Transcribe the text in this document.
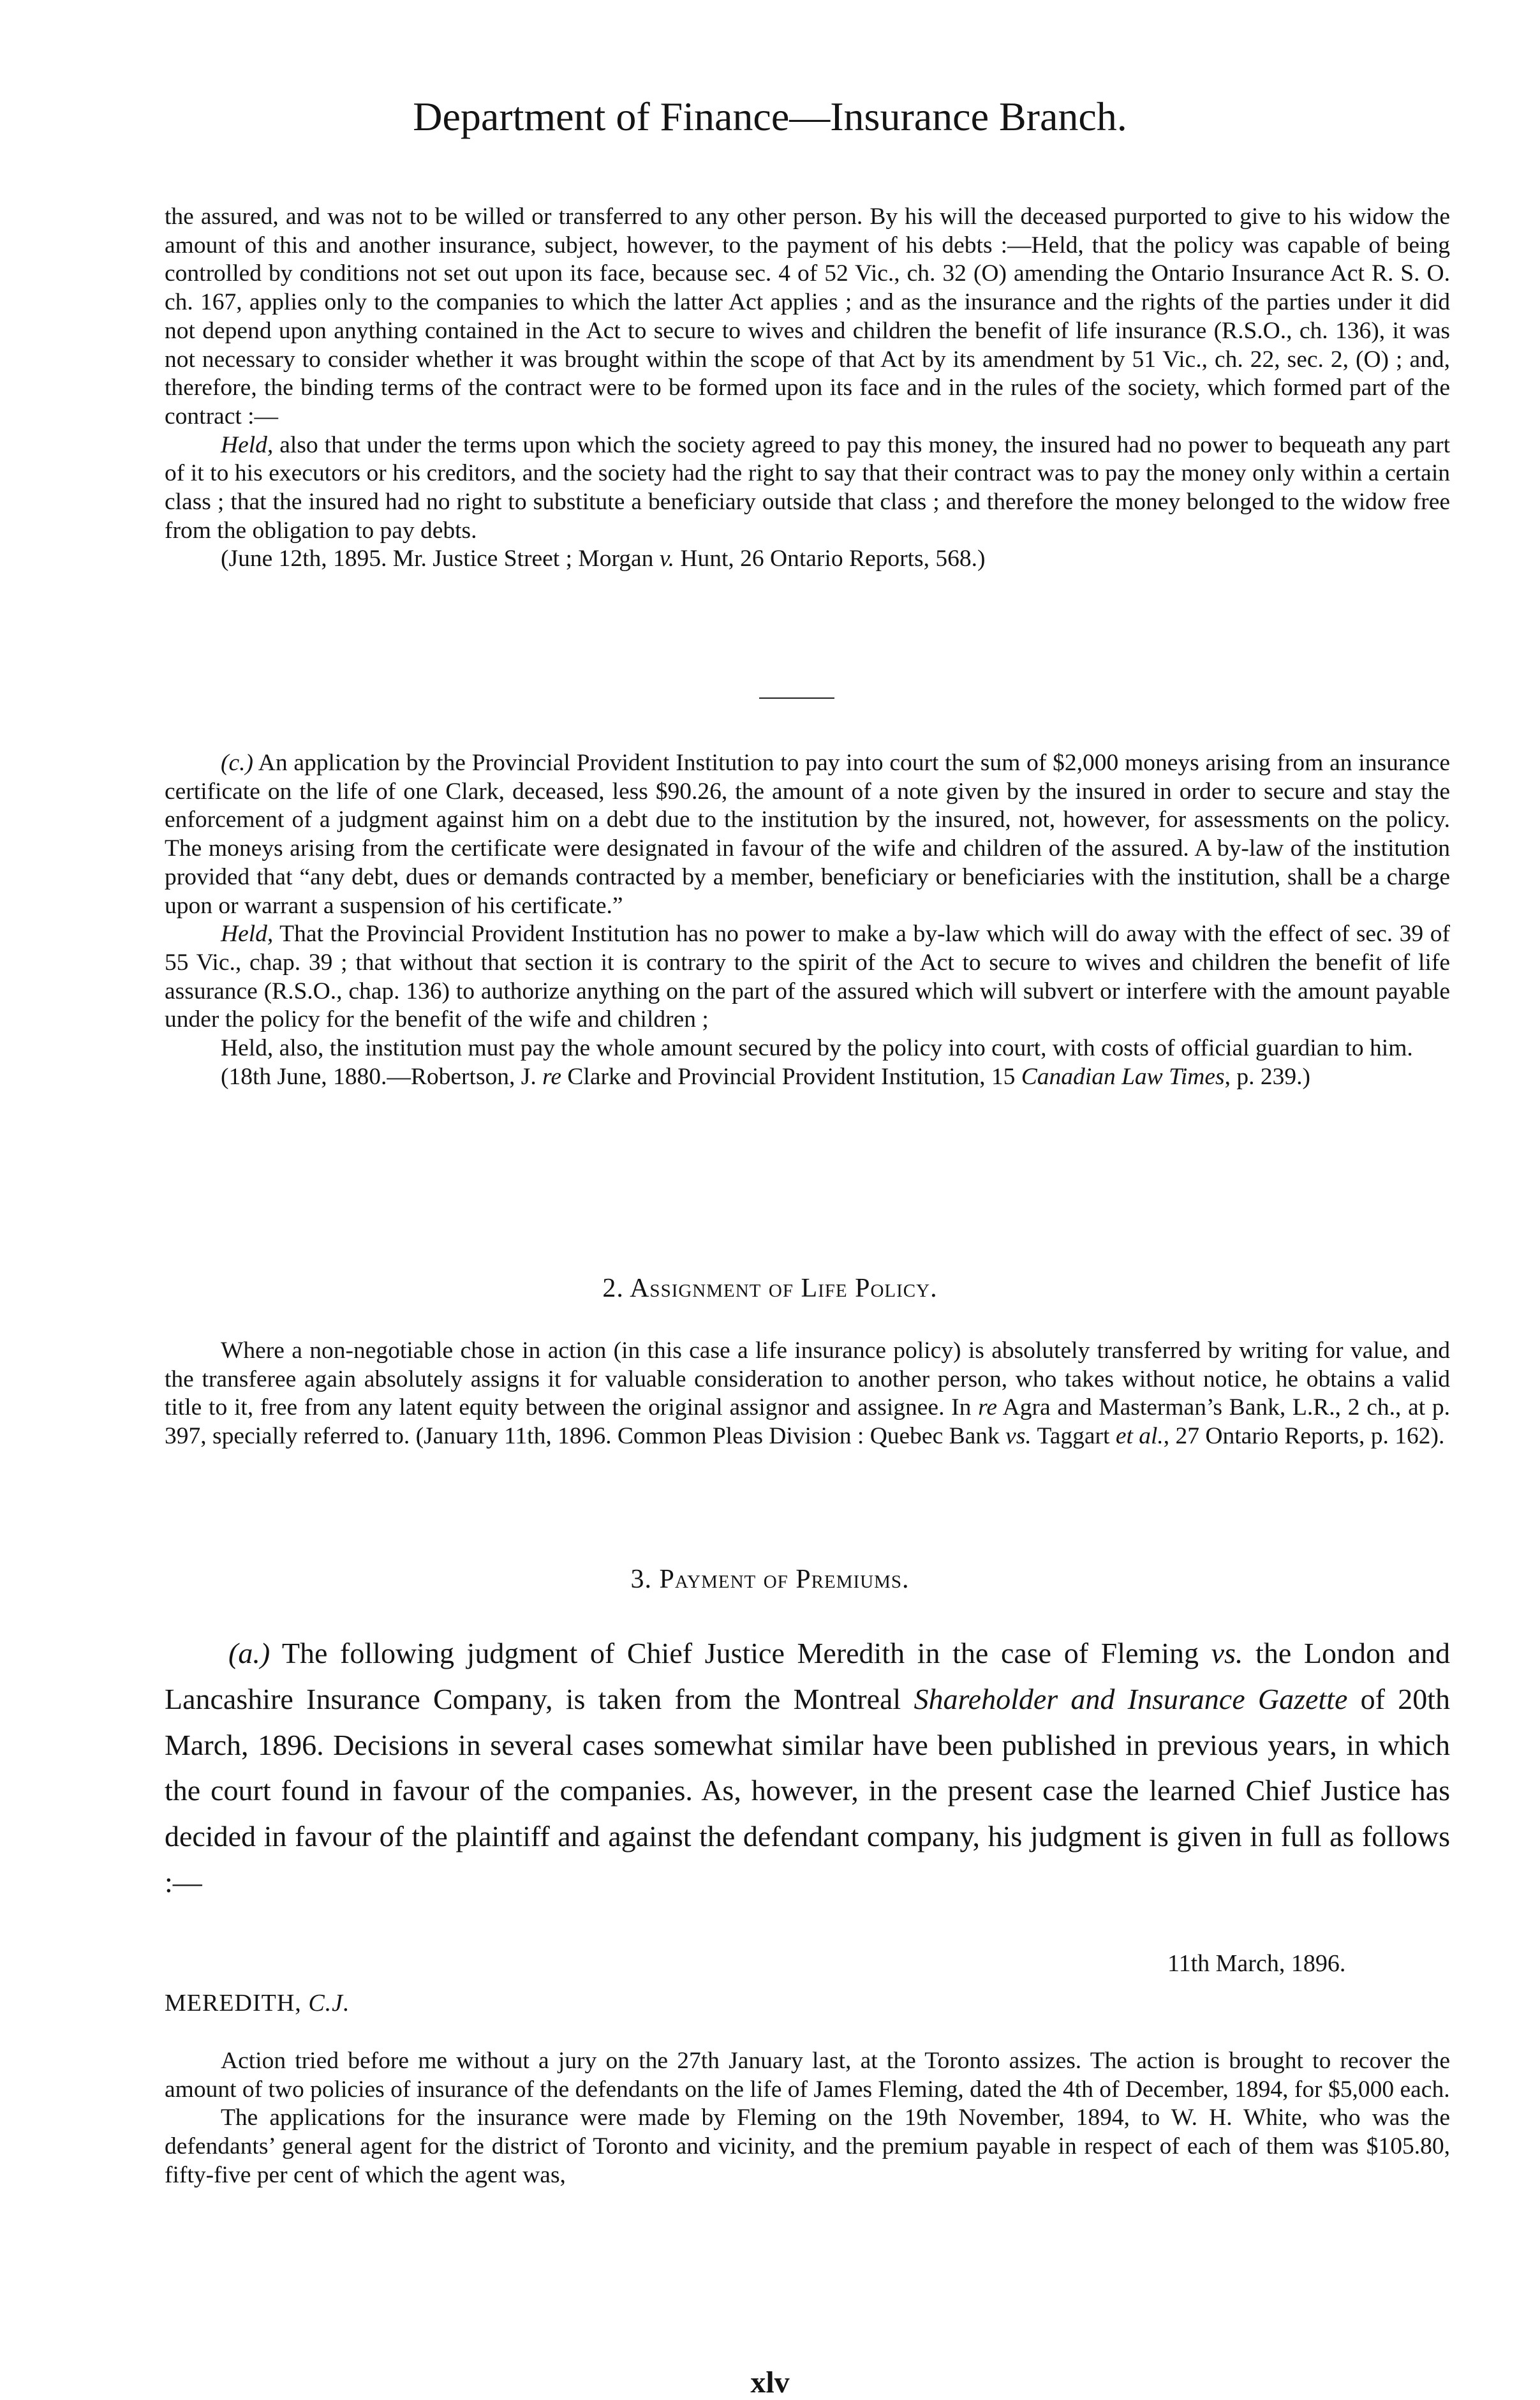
Department of Finance—Insurance Branch.

the assured, and was not to be willed or transferred to any other person. By his will the deceased purported to give to his widow the amount of this and another insurance, subject, however, to the payment of his debts :—Held, that the policy was capable of being controlled by conditions not set out upon its face, because sec. 4 of 52 Vic., ch. 32 (O) amending the Ontario Insurance Act R. S. O. ch. 167, applies only to the companies to which the latter Act applies ; and as the insurance and the rights of the parties under it did not depend upon anything contained in the Act to secure to wives and children the benefit of life insurance (R.S.O., ch. 136), it was not necessary to consider whether it was brought within the scope of that Act by its amendment by 51 Vic., ch. 22, sec. 2, (O) ; and, therefore, the binding terms of the contract were to be formed upon its face and in the rules of the society, which formed part of the contract :—

Held, also that under the terms upon which the society agreed to pay this money, the insured had no power to bequeath any part of it to his executors or his creditors, and the society had the right to say that their contract was to pay the money only within a certain class ; that the insured had no right to substitute a beneficiary outside that class ; and therefore the money belonged to the widow free from the obligation to pay debts.

(June 12th, 1895. Mr. Justice Street ; Morgan v. Hunt, 26 Ontario Reports, 568.)

(c.) An application by the Provincial Provident Institution to pay into court the sum of $2,000 moneys arising from an insurance certificate on the life of one Clark, deceased, less $90.26, the amount of a note given by the insured in order to secure and stay the enforcement of a judgment against him on a debt due to the institution by the insured, not, however, for assessments on the policy. The moneys arising from the certificate were designated in favour of the wife and children of the assured. A by-law of the institution provided that “any debt, dues or demands contracted by a member, beneficiary or beneficiaries with the institution, shall be a charge upon or warrant a suspension of his certificate.”

Held, That the Provincial Provident Institution has no power to make a by-law which will do away with the effect of sec. 39 of 55 Vic., chap. 39 ; that without that section it is contrary to the spirit of the Act to secure to wives and children the benefit of life assurance (R.S.O., chap. 136) to authorize anything on the part of the assured which will subvert or interfere with the amount payable under the policy for the benefit of the wife and children ;

Held, also, the institution must pay the whole amount secured by the policy into court, with costs of official guardian to him.

(18th June, 1880.—Robertson, J. re Clarke and Provincial Provident Institution, 15 Canadian Law Times, p. 239.)

2. Assignment of Life Policy.

Where a non-negotiable chose in action (in this case a life insurance policy) is absolutely transferred by writing for value, and the transferee again absolutely assigns it for valuable consideration to another person, who takes without notice, he obtains a valid title to it, free from any latent equity between the original assignor and assignee. In re Agra and Masterman’s Bank, L.R., 2 ch., at p. 397, specially referred to. (January 11th, 1896. Common Pleas Division : Quebec Bank vs. Taggart et al., 27 Ontario Reports, p. 162).

3. Payment of Premiums.

(a.) The following judgment of Chief Justice Meredith in the case of Fleming vs. the London and Lancashire Insurance Company, is taken from the Montreal Shareholder and Insurance Gazette of 20th March, 1896. Decisions in several cases somewhat similar have been published in previous years, in which the court found in favour of the companies. As, however, in the present case the learned Chief Justice has decided in favour of the plaintiff and against the defendant company, his judgment is given in full as follows :—

11th March, 1896.
MEREDITH, C.J.

Action tried before me without a jury on the 27th January last, at the Toronto assizes. The action is brought to recover the amount of two policies of insurance of the defendants on the life of James Fleming, dated the 4th of December, 1894, for $5,000 each.

The applications for the insurance were made by Fleming on the 19th November, 1894, to W. H. White, who was the defendants’ general agent for the district of Toronto and vicinity, and the premium payable in respect of each of them was $105.80, fifty-five per cent of which the agent was,

xlv
